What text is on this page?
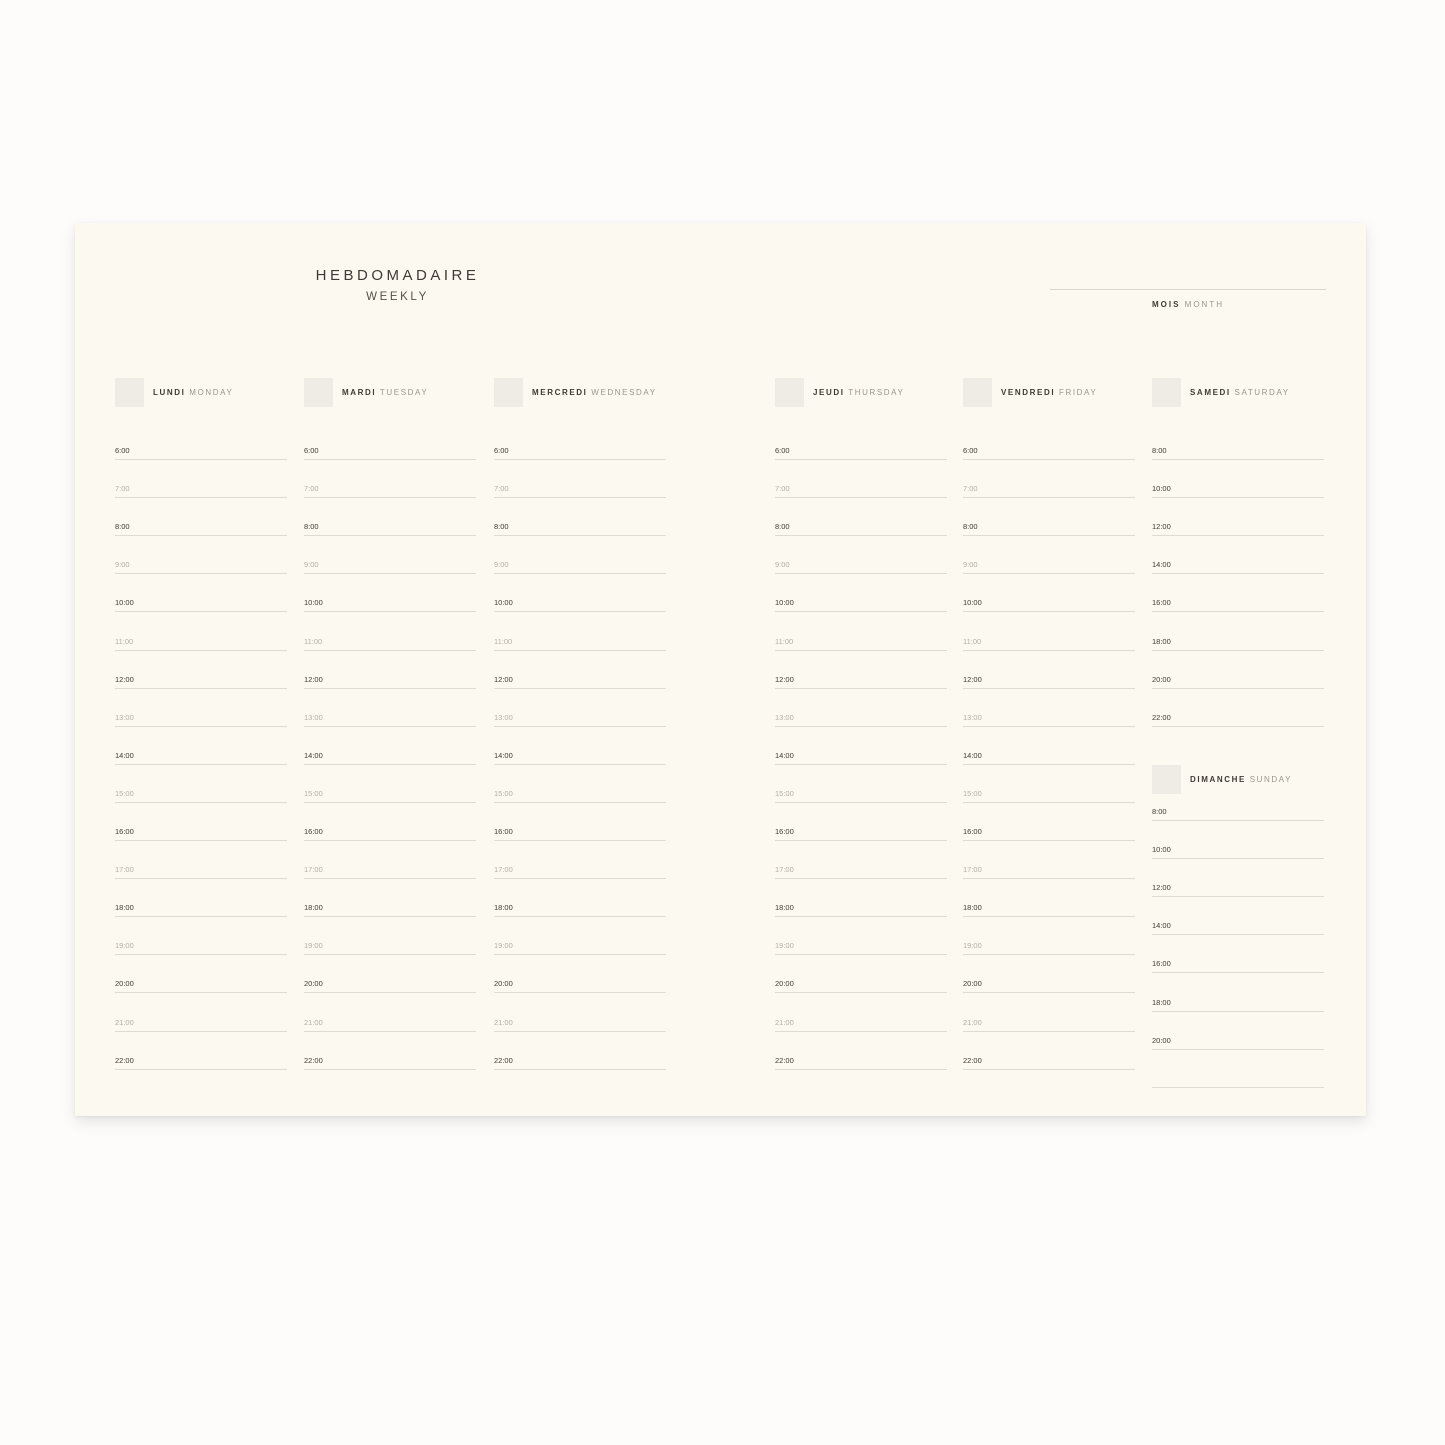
HEBDOMADAIRE
WEEKLY
MOIS MONTH
LUNDI MONDAY
6:00
7:00
8:00
9:00
10:00
11:00
12:00
13:00
14:00
15:00
16:00
17:00
18:00
19:00
20:00
21:00
22:00
MARDI TUESDAY
6:00
7:00
8:00
9:00
10:00
11:00
12:00
13:00
14:00
15:00
16:00
17:00
18:00
19:00
20:00
21:00
22:00
MERCREDI WEDNESDAY
6:00
7:00
8:00
9:00
10:00
11:00
12:00
13:00
14:00
15:00
16:00
17:00
18:00
19:00
20:00
21:00
22:00
JEUDI THURSDAY
6:00
7:00
8:00
9:00
10:00
11:00
12:00
13:00
14:00
15:00
16:00
17:00
18:00
19:00
20:00
21:00
22:00
VENDREDI FRIDAY
6:00
7:00
8:00
9:00
10:00
11:00
12:00
13:00
14:00
15:00
16:00
17:00
18:00
19:00
20:00
21:00
22:00
SAMEDI SATURDAY
8:00
10:00
12:00
14:00
16:00
18:00
20:00
22:00
DIMANCHE SUNDAY
8:00
10:00
12:00
14:00
16:00
18:00
20:00
